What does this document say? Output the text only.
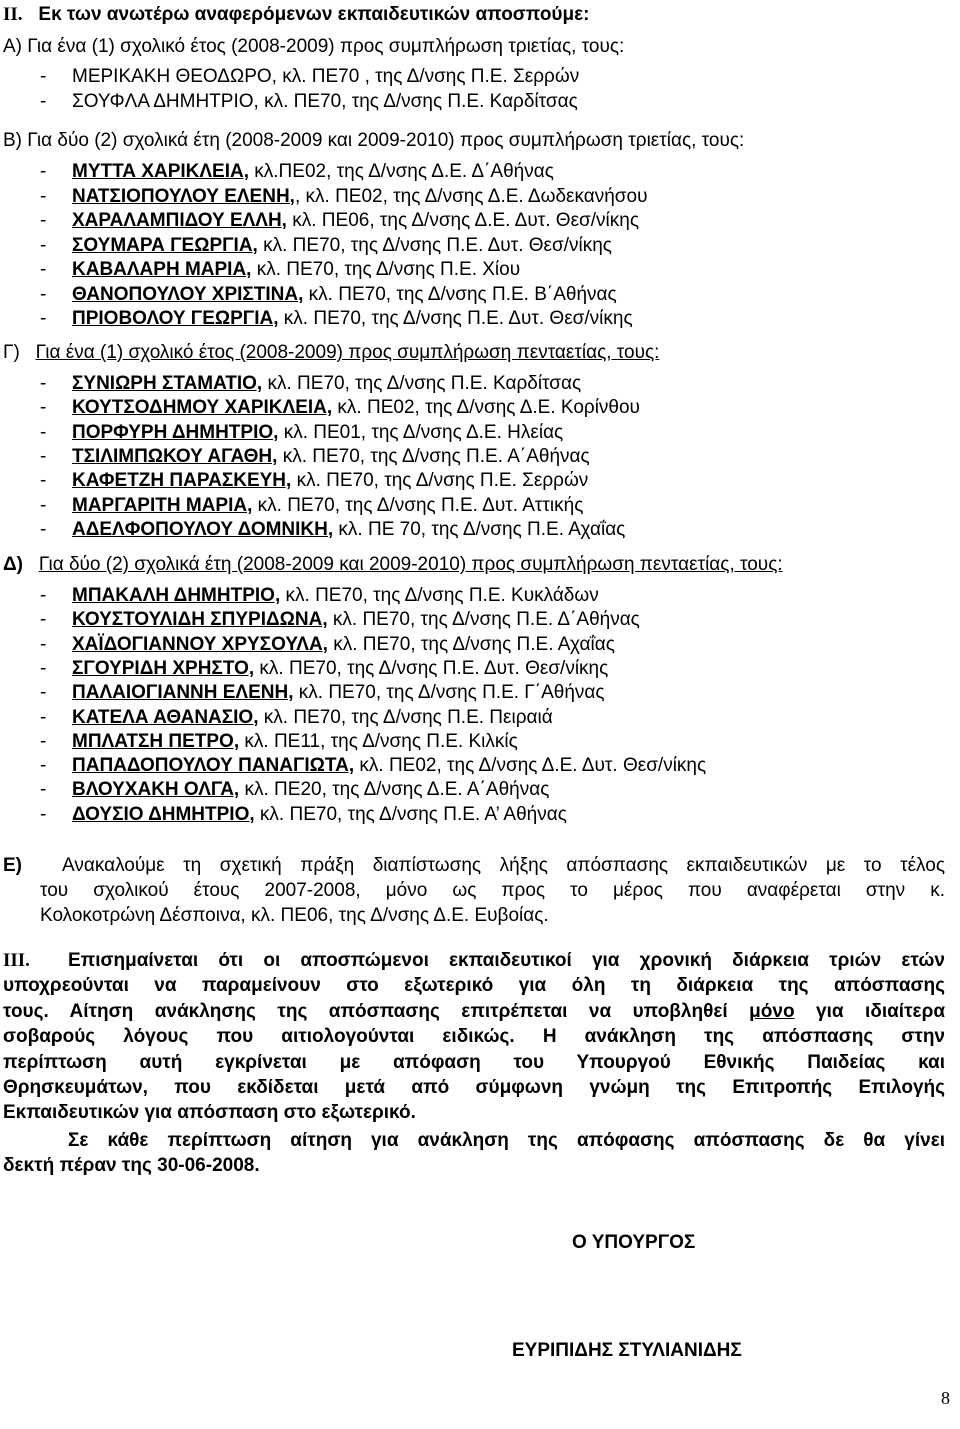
II. Εκ των ανωτέρω αναφερόμενων εκπαιδευτικών αποσπούμε:
Α) Για ένα (1) σχολικό έτος (2008-2009) προς συμπλήρωση τριετίας, τους:
- ΜΕΡΙΚΑΚΗ ΘΕΟΔΩΡΟ, κλ. ΠΕ70 , της Δ/νσης Π.Ε. Σερρών
- ΣΟΥΦΛΑ ΔΗΜΗΤΡΙΟ, κλ. ΠΕ70, της Δ/νσης Π.Ε. Καρδίτσας
Β) Για δύο (2) σχολικά έτη (2008-2009 και 2009-2010) προς συμπλήρωση τριετίας, τους:
- ΜΥΤΤΑ ΧΑΡΙΚΛΕΙΑ, κλ.ΠΕ02, της Δ/νσης Δ.Ε. Δ΄Αθήνας
- ΝΑΤΣΙΟΠΟΥΛΟΥ ΕΛΕΝΗ,, κλ. ΠΕ02, της Δ/νσης Δ.Ε. Δωδεκανήσου
- ΧΑΡΑΛΑΜΠΙΔΟΥ ΕΛΛΗ, κλ. ΠΕ06, της Δ/νσης Δ.Ε. Δυτ. Θεσ/νίκης
- ΣΟΥΜΑΡΑ ΓΕΩΡΓΙΑ, κλ. ΠΕ70, της Δ/νσης Π.Ε. Δυτ. Θεσ/νίκης
- ΚΑΒΑΛΑΡΗ ΜΑΡΙΑ, κλ. ΠΕ70, της Δ/νσης Π.Ε. Χίου
- ΘΑΝΟΠΟΥΛΟΥ ΧΡΙΣΤΙΝΑ, κλ. ΠΕ70, της Δ/νσης Π.Ε. Β΄Αθήνας
- ΠΡΙΟΒΟΛΟΥ ΓΕΩΡΓΙΑ, κλ. ΠΕ70, της Δ/νσης Π.Ε. Δυτ. Θεσ/νίκης
Γ) Για ένα (1) σχολικό έτος (2008-2009) προς συμπλήρωση πενταετίας, τους:
- ΣΥΝΙΩΡΗ ΣΤΑΜΑΤΙΟ, κλ. ΠΕ70, της Δ/νσης Π.Ε. Καρδίτσας
- ΚΟΥΤΣΟΔΗΜΟΥ ΧΑΡΙΚΛΕΙΑ, κλ. ΠΕ02, της Δ/νσης Δ.Ε. Κορίνθου
- ΠΟΡΦΥΡΗ ΔΗΜΗΤΡΙΟ, κλ. ΠΕ01, της Δ/νσης Δ.Ε. Ηλείας
- ΤΣΙΛΙΜΠΩΚΟΥ ΑΓΑΘΗ, κλ. ΠΕ70, της Δ/νσης Π.Ε. Α΄Αθήνας
- ΚΑΦΕΤΖΗ ΠΑΡΑΣΚΕΥΗ, κλ. ΠΕ70, της Δ/νσης Π.Ε. Σερρών
- ΜΑΡΓΑΡΙΤΗ ΜΑΡΙΑ, κλ. ΠΕ70, της Δ/νσης Π.Ε. Δυτ. Αττικής
- ΑΔΕΛΦΟΠΟΥΛΟΥ ΔΟΜΝΙΚΗ, κλ. ΠΕ 70, της Δ/νσης Π.Ε. Αχαΐας
Δ) Για δύο (2) σχολικά έτη (2008-2009 και 2009-2010) προς συμπλήρωση πενταετίας, τους:
- ΜΠΑΚΑΛΗ ΔΗΜΗΤΡΙΟ, κλ. ΠΕ70, της Δ/νσης Π.Ε. Κυκλάδων
- ΚΟΥΣΤΟΥΛΙΔΗ ΣΠΥΡΙΔΩΝΑ, κλ. ΠΕ70, της Δ/νσης Π.Ε. Δ΄Αθήνας
- ΧΑΪΔΟΓΙΑΝΝΟΥ ΧΡΥΣΟΥΛΑ, κλ. ΠΕ70, της Δ/νσης Π.Ε. Αχαΐας
- ΣΓΟΥΡΙΔΗ ΧΡΗΣΤΟ, κλ. ΠΕ70, της Δ/νσης Π.Ε. Δυτ. Θεσ/νίκης
- ΠΑΛΑΙΟΓΙΑΝΝΗ ΕΛΕΝΗ, κλ. ΠΕ70, της Δ/νσης Π.Ε. Γ΄Αθήνας
- ΚΑΤΕΛΑ ΑΘΑΝΑΣΙΟ, κλ. ΠΕ70, της Δ/νσης Π.Ε. Πειραιά
- ΜΠΛΑΤΣΗ ΠΕΤΡΟ, κλ. ΠΕ11, της Δ/νσης Π.Ε. Κιλκίς
- ΠΑΠΑΔΟΠΟΥΛΟΥ ΠΑΝΑΓΙΩΤΑ, κλ. ΠΕ02, της Δ/νσης Δ.Ε. Δυτ. Θεσ/νίκης
- ΒΛΟΥΧΑΚΗ ΟΛΓΑ, κλ. ΠΕ20, της Δ/νσης Δ.Ε. Α΄Αθήνας
- ΔΟΥΣΙΟ ΔΗΜΗΤΡΙΟ, κλ. ΠΕ70, της Δ/νσης Π.Ε. Α’ Αθήνας
Ε) Ανακαλούμε τη σχετική πράξη διαπίστωσης λήξης απόσπασης εκπαιδευτικών με το τέλος
του σχολικού έτους 2007-2008, μόνο ως προς το μέρος που αναφέρεται στην κ.
Κολοκοτρώνη Δέσποινα, κλ. ΠΕ06, της Δ/νσης Δ.Ε. Ευβοίας.
III. Επισημαίνεται ότι οι αποσπώμενοι εκπαιδευτικοί για χρονική διάρκεια τριών ετών
υποχρεούνται να παραμείνουν στο εξωτερικό για όλη τη διάρκεια της απόσπασης
τους. Αίτηση ανάκλησης της απόσπασης επιτρέπεται να υποβληθεί μόνο για ιδιαίτερα
σοβαρούς λόγους που αιτιολογούνται ειδικώς. Η ανάκληση της απόσπασης στην
περίπτωση αυτή εγκρίνεται με απόφαση του Υπουργού Εθνικής Παιδείας και
Θρησκευμάτων, που εκδίδεται μετά από σύμφωνη γνώμη της Επιτροπής Επιλογής
Εκπαιδευτικών για απόσπαση στο εξωτερικό.
Σε κάθε περίπτωση αίτηση για ανάκληση της απόφασης απόσπασης δε θα γίνει
δεκτή πέραν της 30-06-2008.
Ο ΥΠΟΥΡΓΟΣ
ΕΥΡΙΠΙΔΗΣ ΣΤΥΛΙΑΝΙΔΗΣ
8
